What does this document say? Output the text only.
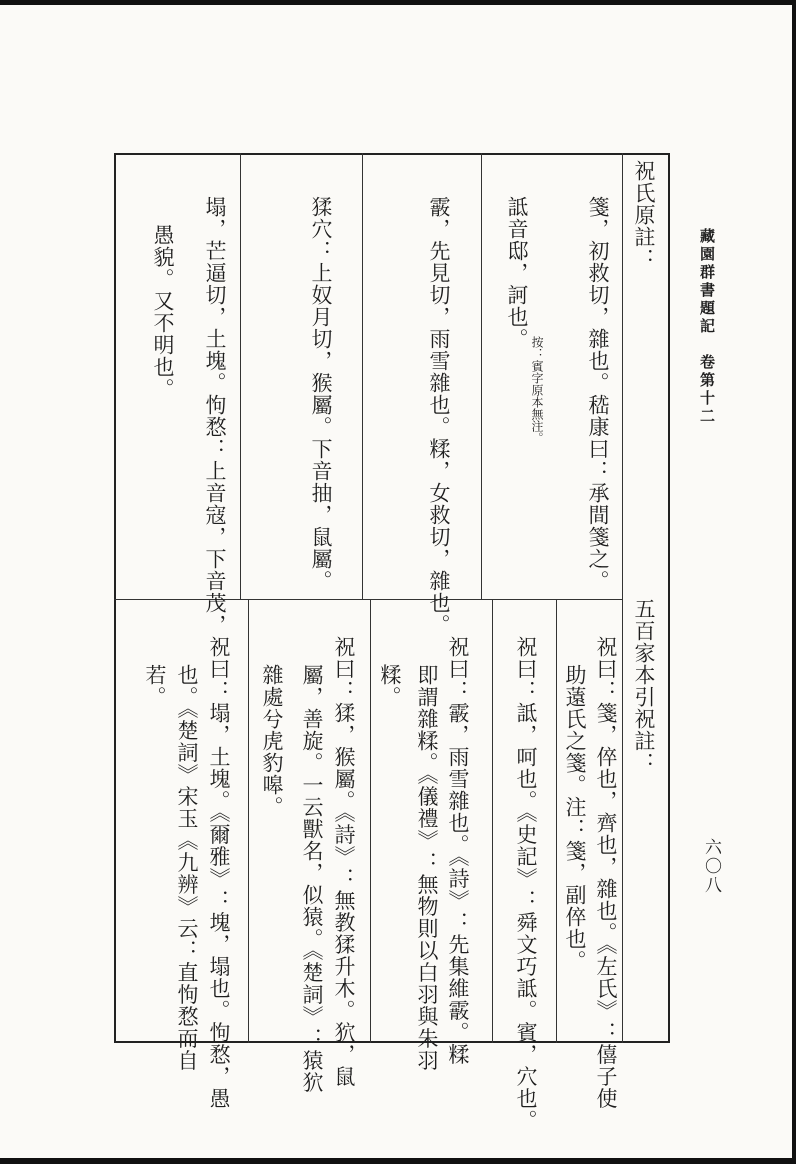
藏園群書題記　卷第十二
六〇八
祝氏原註：
五百家本引祝註：
箋，初救切，雜也。嵇康曰：承間箋之。
詆音邸，訶也。
按：賓字原本無注。
霰，先見切，雨雪雜也。糅，女救切，雜也。
猱穴：上奴月切，猴屬。下音抽，鼠屬。
塌，芒逼切，土塊。怐愗：上音寇，下音茂，
愚貌。又不明也。
祝曰：箋，倅也，齊也，雜也。《左氏》：僖子使
助薳氏之箋。注：箋，副倅也。
祝曰：詆，呵也。《史記》：舜文巧詆。賓，穴也。
祝曰：霰，雨雪雜也。《詩》：先集維霰。糅
即謂雜糅。《儀禮》：無物則以白羽與朱羽
糅。
祝曰：猱，猴屬。《詩》：無教猱升木。狖，鼠
屬，善旋。一云獸名，似猿。《楚詞》：猿狖
雜處兮虎豹嗥。
祝曰：塌，土塊。《爾雅》：塊，塌也。怐愗，愚
也。《楚詞》宋玉《九辨》云：直怐愗而自
若。
